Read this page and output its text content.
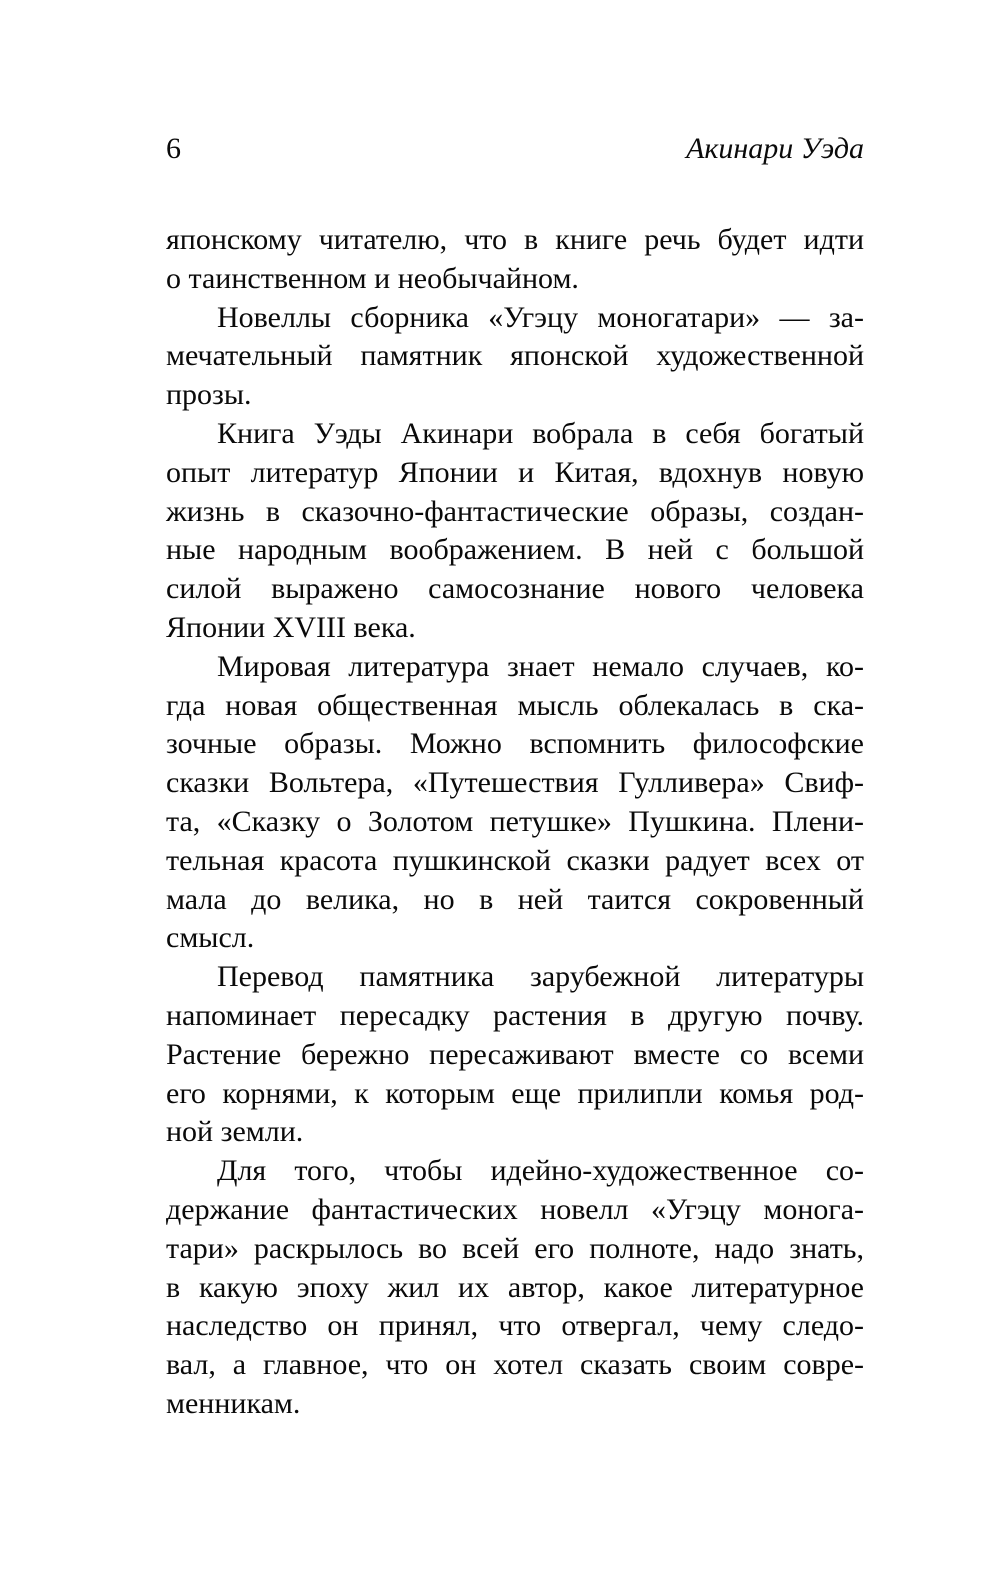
6	Акинари Уэда

японскому читателю, что в книге речь будет идти
о таинственном и необычайном.

Новеллы сборника «Угэцу моногатари» — за-
мечательный памятник японской художественной
прозы.

Книга Уэды Акинари вобрала в себя богатый
опыт литератур Японии и Китая, вдохнув новую
жизнь в сказочно-фантастические образы, создан-
ные народным воображением. В ней с большой
силой выражено самосознание нового человека
Японии XVIII века.

Мировая литература знает немало случаев, ко-
гда новая общественная мысль облекалась в ска-
зочные образы. Можно вспомнить философские
сказки Вольтера, «Путешествия Гулливера» Свиф-
та, «Сказку о Золотом петушке» Пушкина. Плени-
тельная красота пушкинской сказки радует всех от
мала до велика, но в ней таится сокровенный
смысл.

Перевод памятника зарубежной литературы
напоминает пересадку растения в другую почву.
Растение бережно пересаживают вместе со всеми
его корнями, к которым еще прилипли комья род-
ной земли.

Для того, чтобы идейно-художественное со-
держание фантастических новелл «Угэцу монога-
тари» раскрылось во всей его полноте, надо знать,
в какую эпоху жил их автор, какое литературное
наследство он принял, что отвергал, чему следо-
вал, а главное, что он хотел сказать своим совре-
менникам.
